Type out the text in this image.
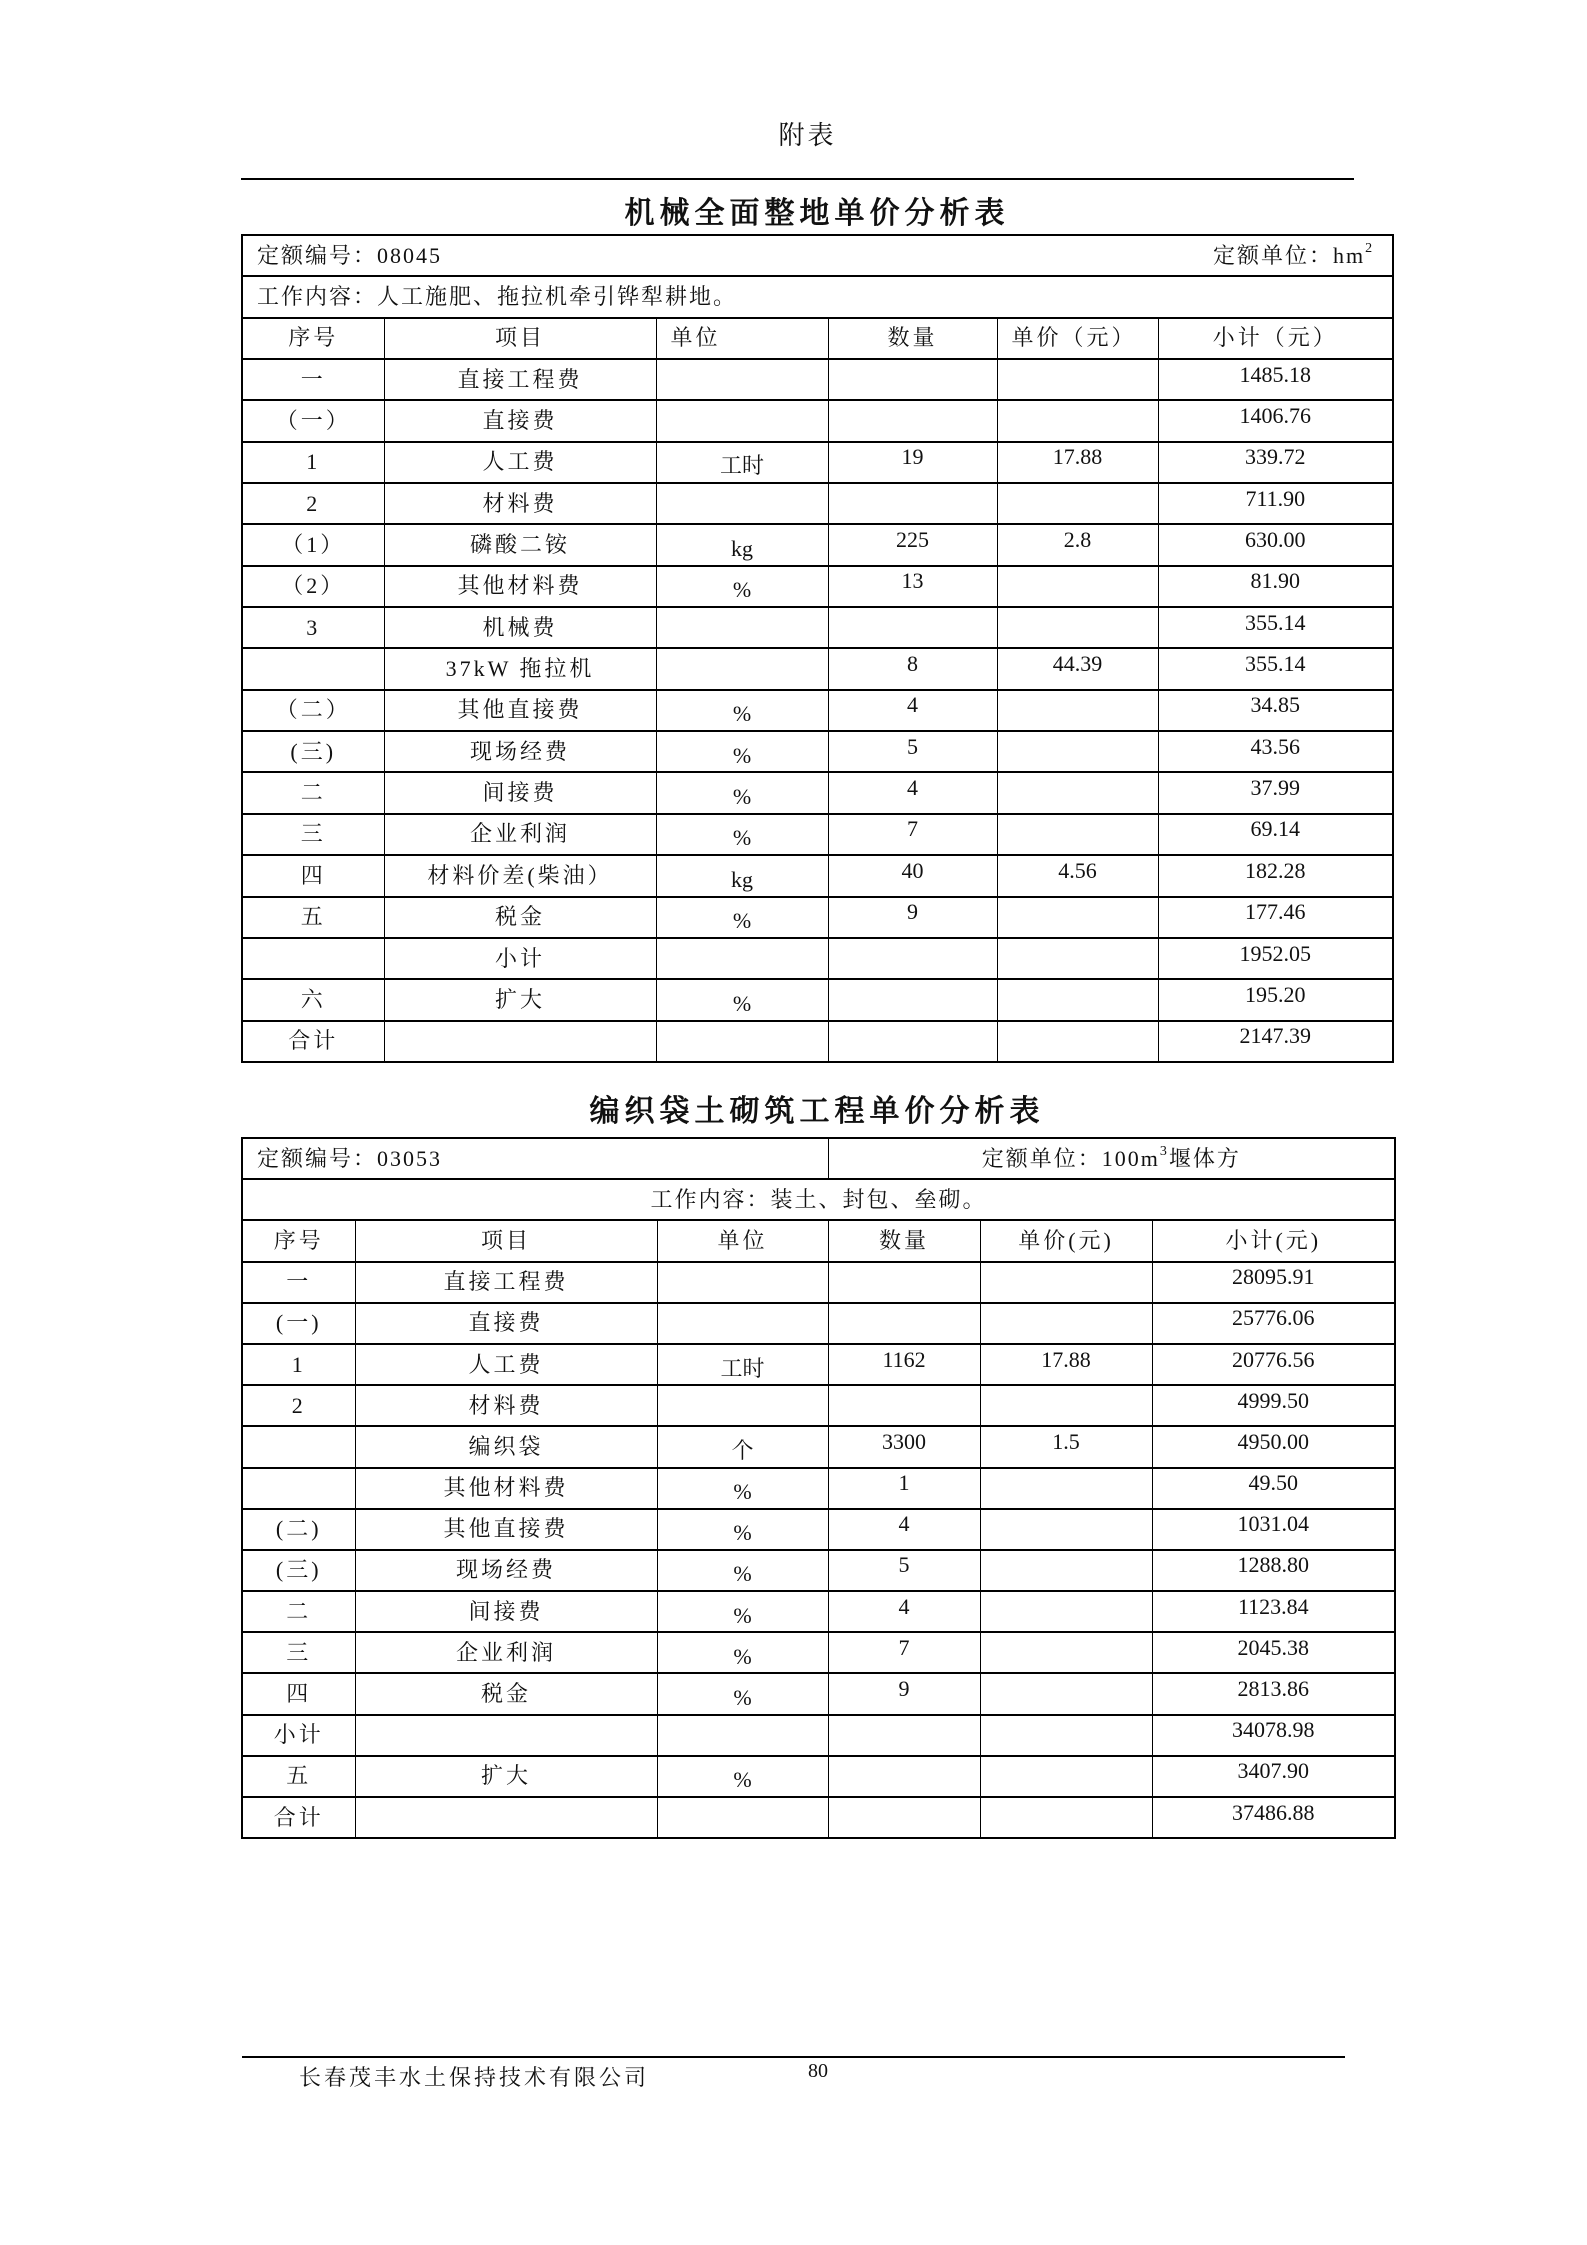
附表
机械全面整地单价分析表
定额编号：08045 定额单位：$hm^2$

工作内容：人工施肥、拖拉机牵引铧犁耕地。					
序号	项目	单位	数量	单价（元）	小计（元）
一	直接工程费				1485.18
（一）	直接费				1406.76
1	人工费	工时	19	17.88	339.72
2	材料费				711.90
（1）	磷酸二铵	kg	225	2.8	630.00
（2）	其他材料费	%	13		81.90
3	机械费				355.14
	37kW 拖拉机		8	44.39	355.14
（二）	其他直接费	%	4		34.85
(三)	现场经费	%	5		43.56
二	间接费	%	4		37.99
三	企业利润	%	7		69.14
四	材料价差(柴油）	kg	40	4.56	182.28
五	税金	%	9		177.46
	小计				1952.05
六	扩大	%			195.20
合计					2147.39
编织袋土砌筑工程单价分析表
定额编号：03053			定额单位：$100m^3$堰体方		
工作内容：装土、封包、垒砌。					
序号	项目	单位	数量	单价(元)	小计(元)
一	直接工程费				28095.91
(一)	直接费				25776.06
1	人工费	工时	1162	17.88	20776.56
2	材料费				4999.50
	编织袋	个	3300	1.5	4950.00
	其他材料费	%	1		49.50
(二)	其他直接费	%	4		1031.04
(三)	现场经费	%	5		1288.80
二	间接费	%	4		1123.84
三	企业利润	%	7		2045.38
四	税金	%	9		2813.86
小计					34078.98
五	扩大	%			3407.90
合计					37486.88
长春茂丰水土保持技术有限公司	80
